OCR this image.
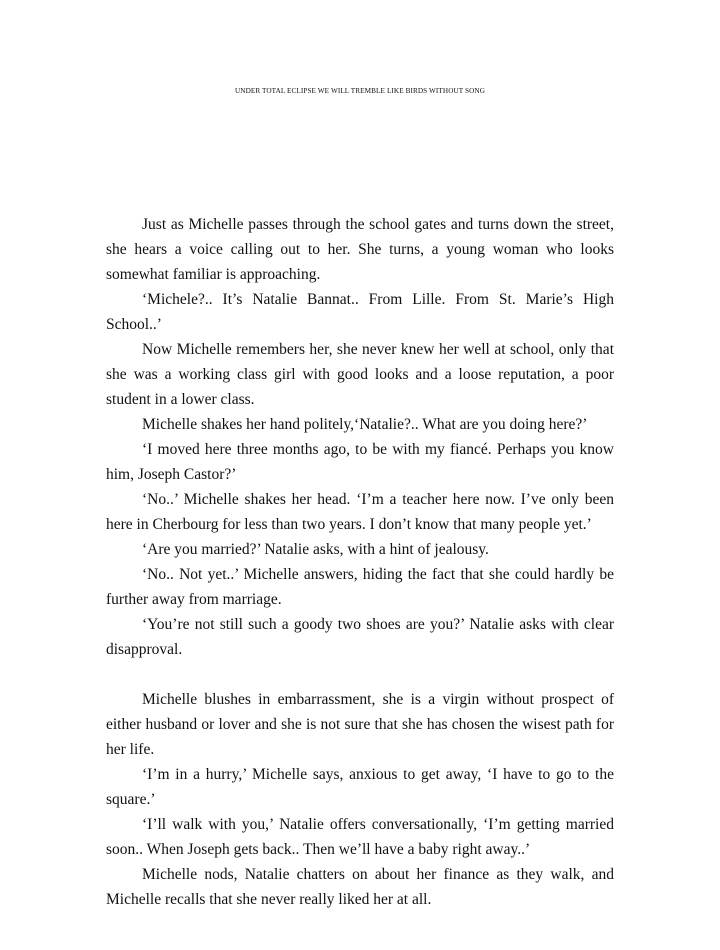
UNDER TOTAL ECLIPSE WE WILL TREMBLE LIKE BIRDS WITHOUT SONG

Just as Michelle passes through the school gates and turns down the street, she hears a voice calling out to her. She turns, a young woman who looks somewhat familiar is approaching.

‘Michele?.. It’s Natalie Bannat.. From Lille. From St. Marie’s High School..’

Now Michelle remembers her, she never knew her well at school, only that she was a working class girl with good looks and a loose reputation, a poor student in a lower class.

Michelle shakes her hand politely,‘Natalie?.. What are you doing here?’

‘I moved here three months ago, to be with my fiancé. Perhaps you know him, Joseph Castor?’

‘No..’ Michelle shakes her head. ‘I’m a teacher here now. I’ve only been here in Cherbourg for less than two years. I don’t know that many people yet.’

‘Are you married?’ Natalie asks, with a hint of jealousy.

‘No.. Not yet..’ Michelle answers, hiding the fact that she could hardly be further away from marriage.

‘You’re not still such a goody two shoes are you?’ Natalie asks with clear disapproval.

Michelle blushes in embarrassment, she is a virgin without prospect of either husband or lover and she is not sure that she has chosen the wisest path for her life.

‘I’m in a hurry,’ Michelle says, anxious to get away, ‘I have to go to the square.’

‘I’ll walk with you,’ Natalie offers conversationally, ‘I’m getting married soon.. When Joseph gets back.. Then we’ll have a baby right away..’

Michelle nods, Natalie chatters on about her finance as they walk, and Michelle recalls that she never really liked her at all.
